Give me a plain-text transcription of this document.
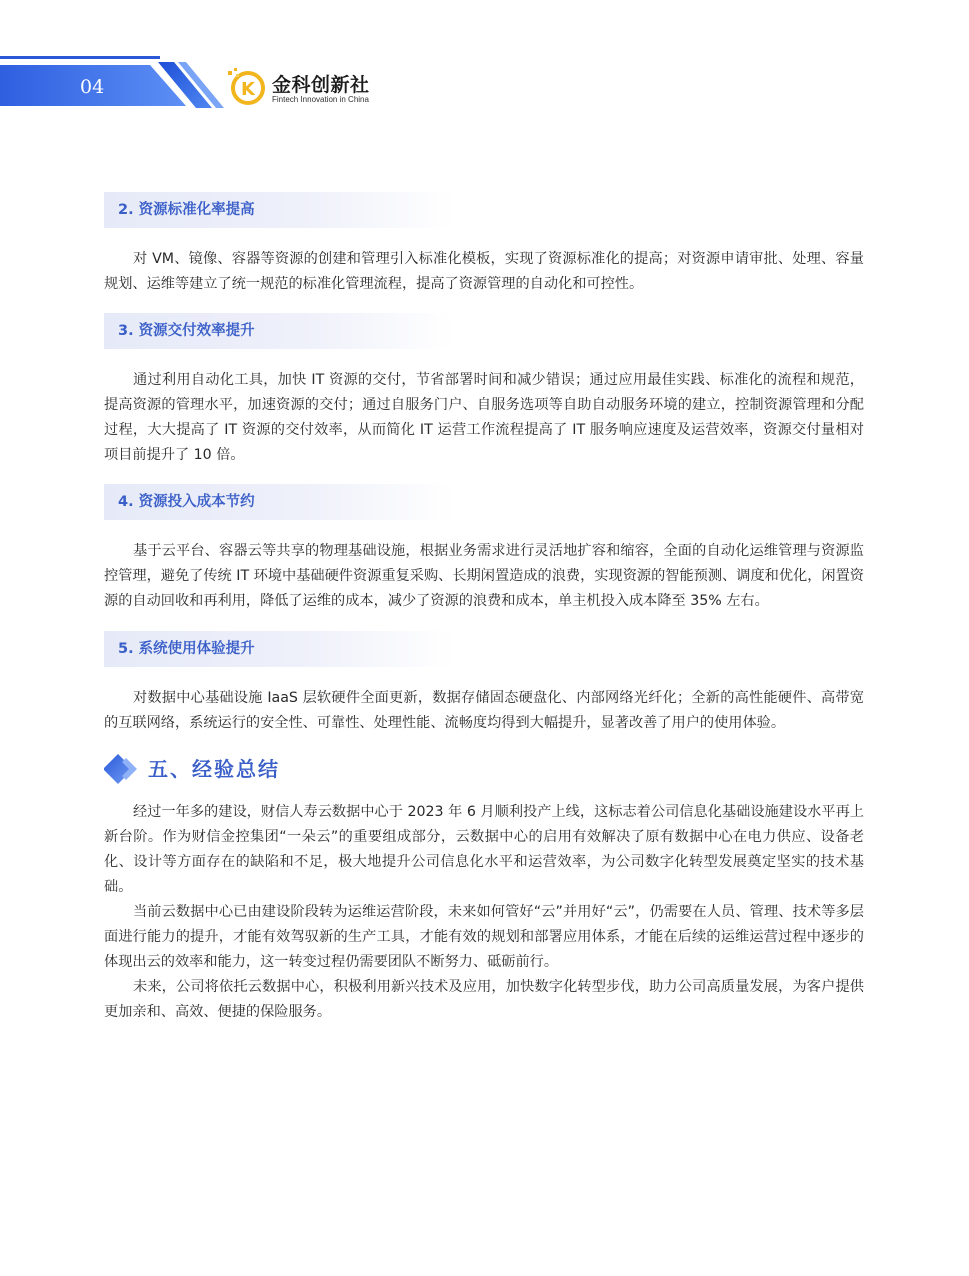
04	K 金科创新社
Fintech Innovation in China
2. 资源标准化率提高

对 VM、镜像、容器等资源的创建和管理引入标准化模板，实现了资源标准化的提高；对资源申请审批、处理、容量规划、运维等建立了统一规范的标准化管理流程，提高了资源管理的自动化和可控性。

3. 资源交付效率提升

通过利用自动化工具，加快 IT 资源的交付，节省部署时间和减少错误；通过应用最佳实践、标准化的流程和规范，提高资源的管理水平，加速资源的交付；通过自服务门户、自服务选项等自助自动服务环境的建立，控制资源管理和分配过程，大大提高了 IT 资源的交付效率，从而简化 IT 运营工作流程提高了 IT 服务响应速度及运营效率，资源交付量相对项目前提升了 10 倍。

4. 资源投入成本节约

基于云平台、容器云等共享的物理基础设施，根据业务需求进行灵活地扩容和缩容，全面的自动化运维管理与资源监控管理，避免了传统 IT 环境中基础硬件资源重复采购、长期闲置造成的浪费，实现资源的智能预测、调度和优化，闲置资源的自动回收和再利用，降低了运维的成本，减少了资源的浪费和成本，单主机投入成本降至 35% 左右。

5. 系统使用体验提升

对数据中心基础设施 IaaS 层软硬件全面更新，数据存储固态硬盘化、内部网络光纤化；全新的高性能硬件、高带宽的互联网络，系统运行的安全性、可靠性、处理性能、流畅度均得到大幅提升，显著改善了用户的使用体验。

五、经验总结

经过一年多的建设，财信人寿云数据中心于 2023 年 6 月顺利投产上线，这标志着公司信息化基础设施建设水平再上新台阶。作为财信金控集团“一朵云”的重要组成部分，云数据中心的启用有效解决了原有数据中心在电力供应、设备老化、设计等方面存在的缺陷和不足，极大地提升公司信息化水平和运营效率，为公司数字化转型发展奠定坚实的技术基础。

当前云数据中心已由建设阶段转为运维运营阶段，未来如何管好“云”并用好“云”，仍需要在人员、管理、技术等多层面进行能力的提升，才能有效驾驭新的生产工具，才能有效的规划和部署应用体系，才能在后续的运维运营过程中逐步的体现出云的效率和能力，这一转变过程仍需要团队不断努力、砥砺前行。

未来，公司将依托云数据中心，积极利用新兴技术及应用，加快数字化转型步伐，助力公司高质量发展，为客户提供更加亲和、高效、便捷的保险服务。
